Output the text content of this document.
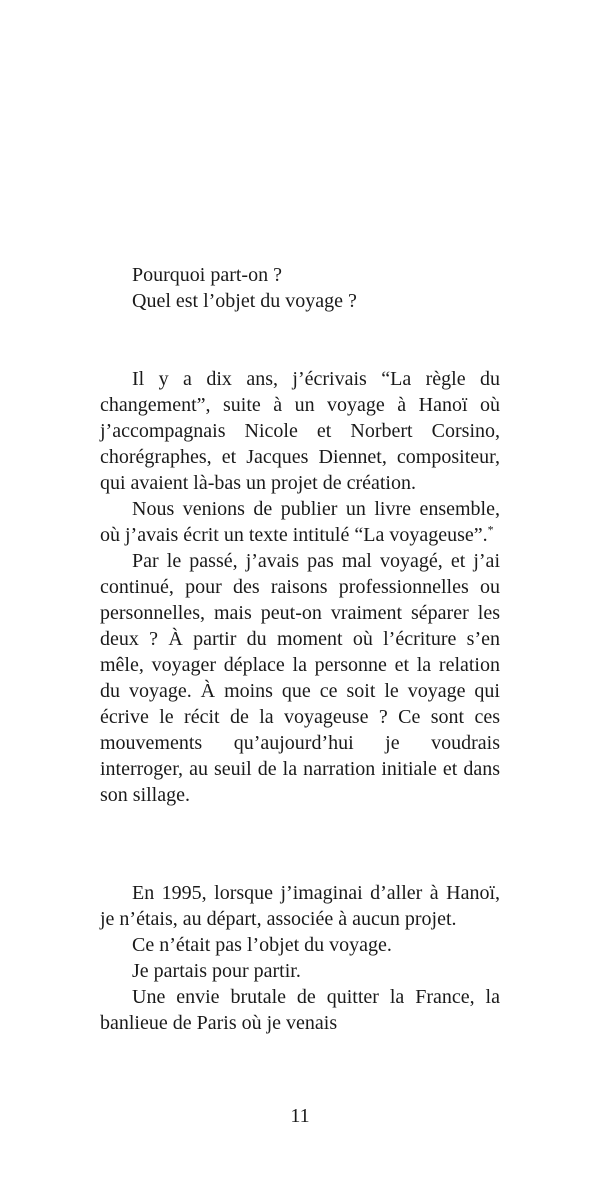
Pourquoi part-on ?
Quel est l’objet du voyage ?

Il y a dix ans, j’écrivais “La règle du changement”, suite à un voyage à Hanoï où j’accompagnais Nicole et Norbert Corsino, chorégraphes, et Jacques Diennet, compositeur, qui avaient là-bas un projet de création.

Nous venions de publier un livre ensemble, où j’avais écrit un texte intitulé “La voyageuse”.*

Par le passé, j’avais pas mal voyagé, et j’ai continué, pour des raisons professionnelles ou personnelles, mais peut-on vraiment séparer les deux ? À partir du moment où l’écriture s’en mêle, voyager déplace la personne et la relation du voyage. À moins que ce soit le voyage qui écrive le récit de la voyageuse ? Ce sont ces mouvements qu’aujourd’hui je voudrais interroger, au seuil de la narration initiale et dans son sillage.

En 1995, lorsque j’imaginai d’aller à Hanoï, je n’étais, au départ, associée à aucun projet.

Ce n’était pas l’objet du voyage.

Je partais pour partir.

Une envie brutale de quitter la France, la banlieue de Paris où je venais

11
